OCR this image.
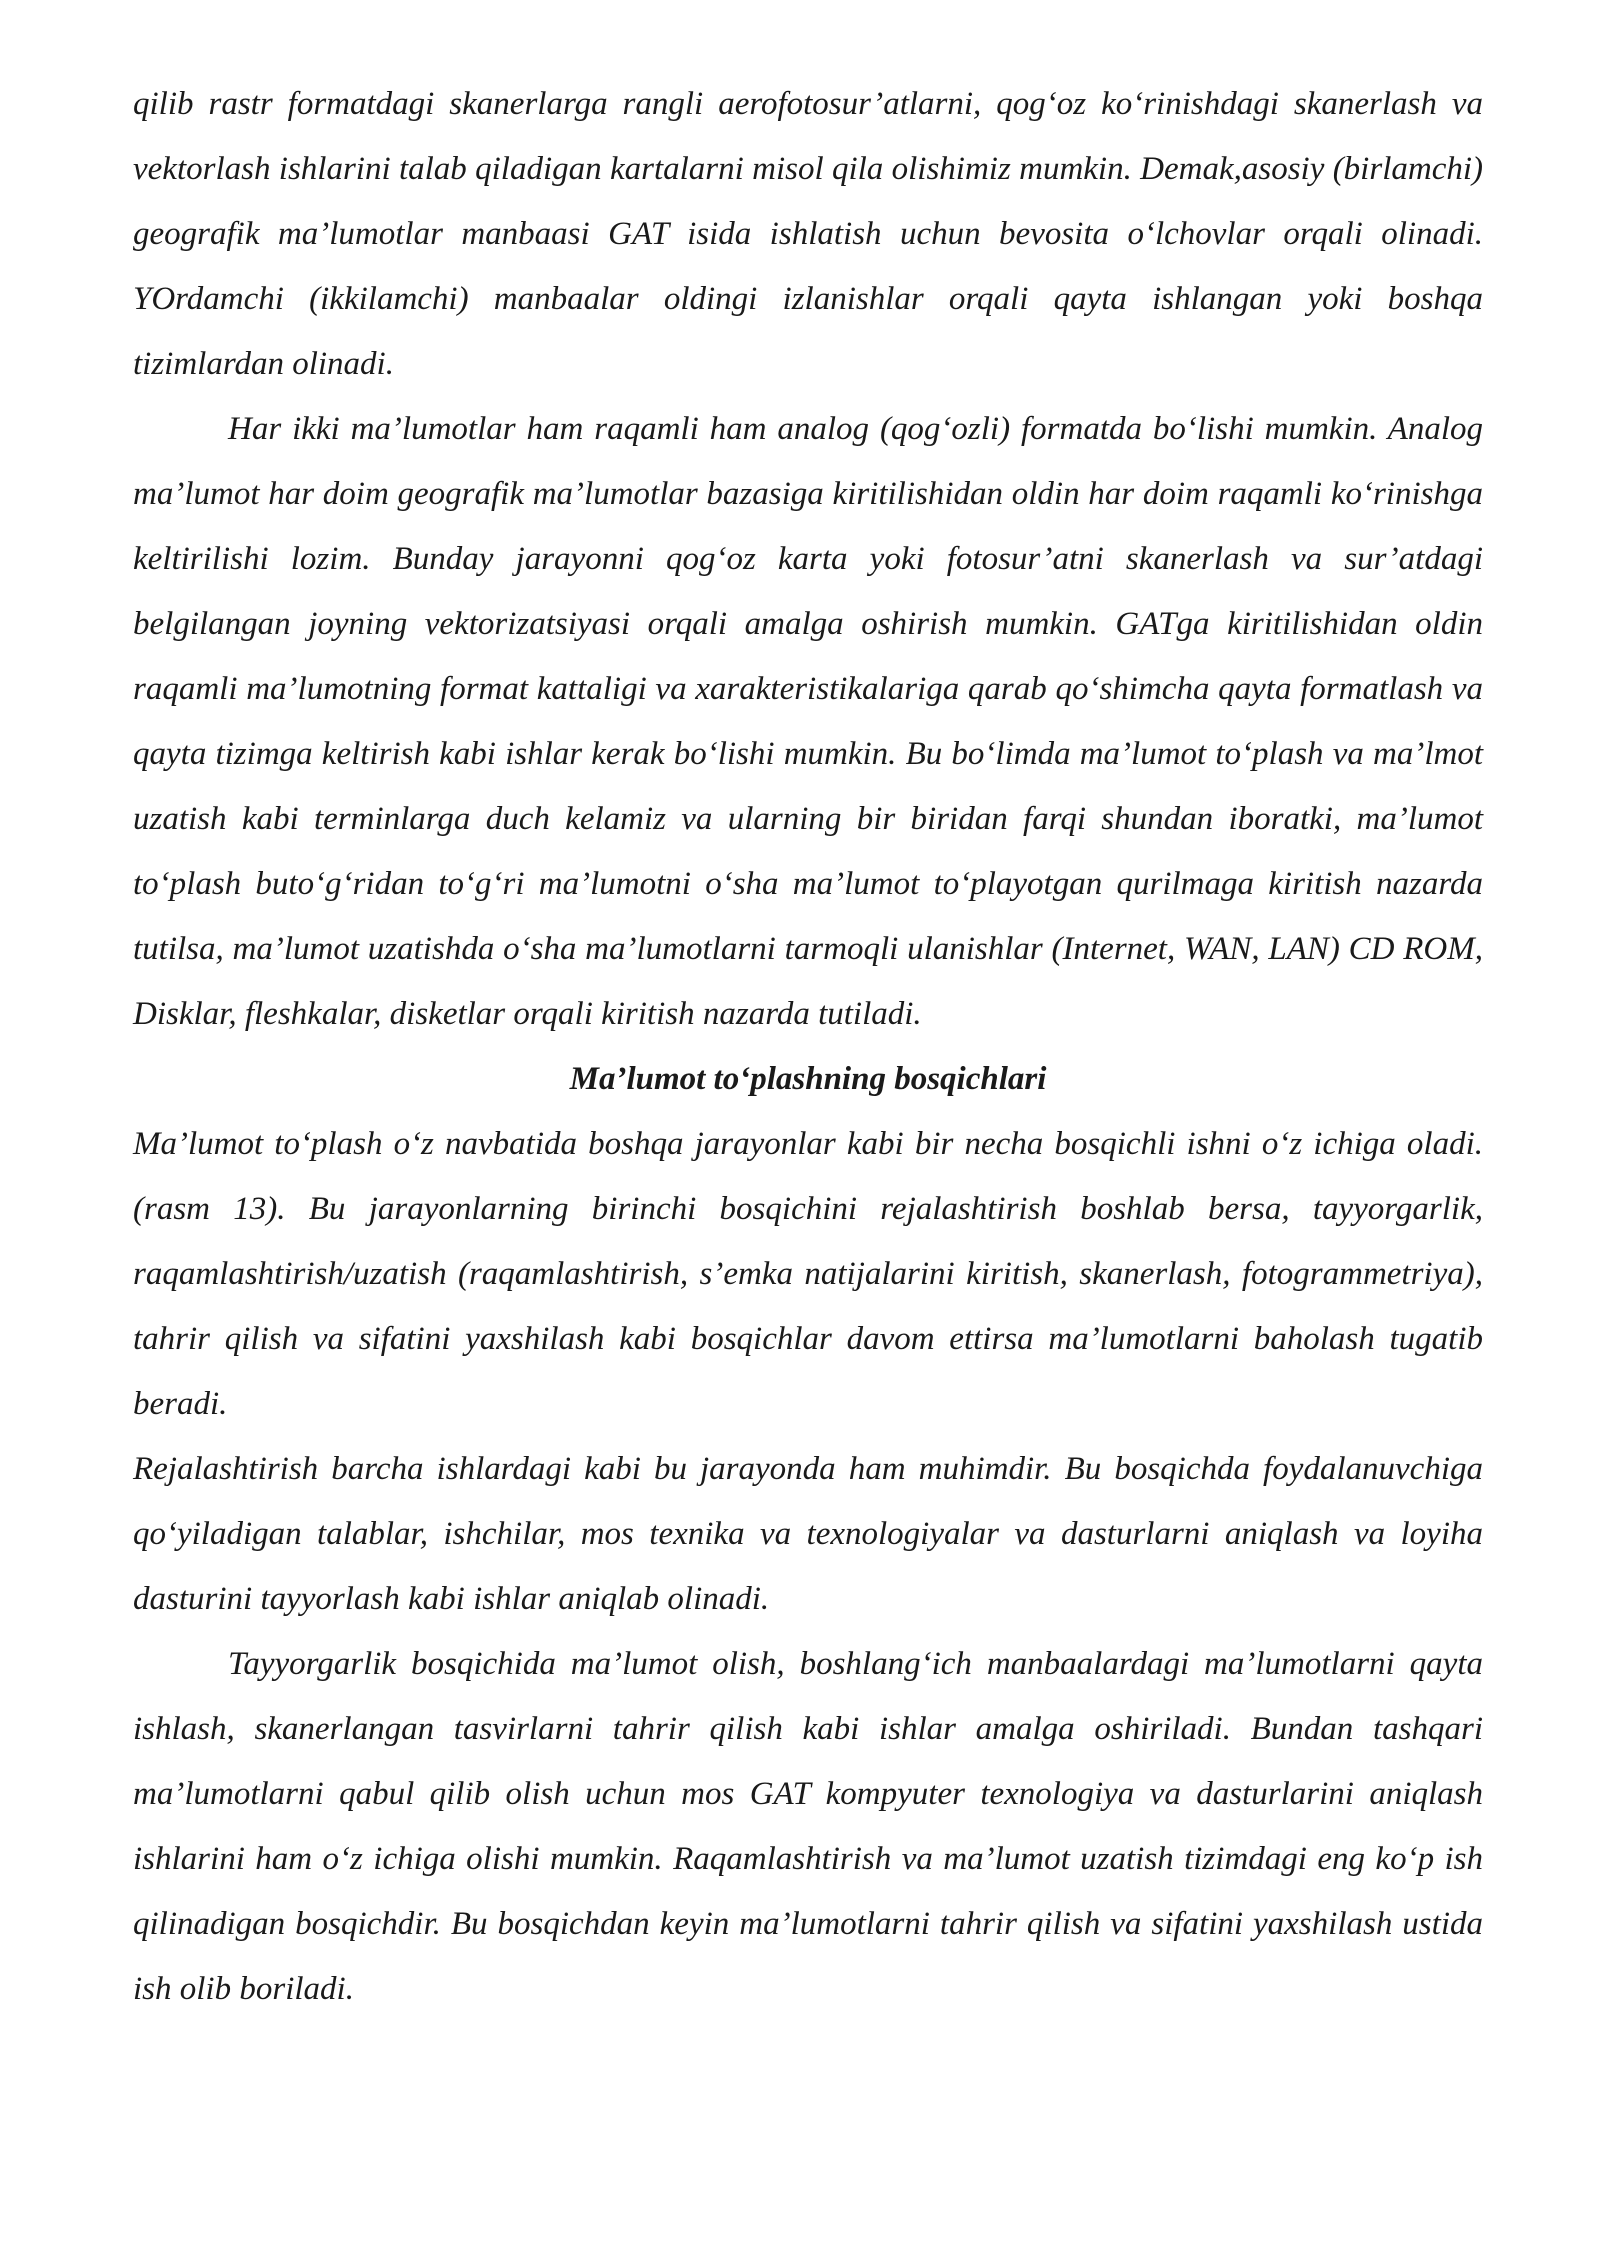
qilib rastr formatdagi skanerlarga rangli aerofotosur’atlarni, qog‘oz ko‘rinishdagi skanerlash va vektorlash ishlarini talab qiladigan kartalarni misol qila olishimiz mumkin. Demak,asosiy (birlamchi) geografik ma’lumotlar manbaasi GAT isida ishlatish uchun bevosita o‘lchovlar orqali olinadi. YOrdamchi (ikkilamchi) manbaalar oldingi izlanishlar orqali qayta ishlangan yoki boshqa tizimlardan olinadi.

Har ikki ma’lumotlar ham raqamli ham analog (qog‘ozli) formatda bo‘lishi mumkin. Analog ma’lumot har doim geografik ma’lumotlar bazasiga kiritilishidan oldin har doim raqamli ko‘rinishga keltirilishi lozim. Bunday jarayonni qog‘oz karta yoki fotosur’atni skanerlash va sur’atdagi belgilangan joyning vektorizatsiyasi orqali amalga oshirish mumkin. GATga kiritilishidan oldin raqamli ma’lumotning format kattaligi va xarakteristikalariga qarab qo‘shimcha qayta formatlash va qayta tizimga keltirish kabi ishlar kerak bo‘lishi mumkin. Bu bo‘limda ma’lumot to‘plash va ma’lmot uzatish kabi terminlarga duch kelamiz va ularning bir biridan farqi shundan iboratki, ma’lumot to‘plash buto‘g‘ridan to‘g‘ri ma’lumotni o‘sha ma’lumot to‘playotgan qurilmaga kiritish nazarda tutilsa, ma’lumot uzatishda o‘sha ma’lumotlarni tarmoqli ulanishlar (Internet, WAN, LAN) CD ROM, Disklar, fleshkalar, disketlar orqali kiritish nazarda tutiladi.

Ma’lumot to‘plashning bosqichlari

Ma’lumot to‘plash o‘z navbatida boshqa jarayonlar kabi bir necha bosqichli ishni o‘z ichiga oladi. (rasm 13). Bu jarayonlarning birinchi bosqichini rejalashtirish boshlab bersa, tayyorgarlik, raqamlashtirish/uzatish (raqamlashtirish, s’emka natijalarini kiritish, skanerlash, fotogrammetriya), tahrir qilish va sifatini yaxshilash kabi bosqichlar davom ettirsa ma’lumotlarni baholash tugatib beradi.

Rejalashtirish barcha ishlardagi kabi bu jarayonda ham muhimdir. Bu bosqichda foydalanuvchiga qo‘yiladigan talablar, ishchilar, mos texnika va texnologiyalar va dasturlarni aniqlash va loyiha dasturini tayyorlash kabi ishlar aniqlab olinadi.

Tayyorgarlik bosqichida ma’lumot olish, boshlang‘ich manbaalardagi ma’lumotlarni qayta ishlash, skanerlangan tasvirlarni tahrir qilish kabi ishlar amalga oshiriladi. Bundan tashqari ma’lumotlarni qabul qilib olish uchun mos GAT kompyuter texnologiya va dasturlarini aniqlash ishlarini ham o‘z ichiga olishi mumkin. Raqamlashtirish va ma’lumot uzatish tizimdagi eng ko‘p ish qilinadigan bosqichdir. Bu bosqichdan keyin ma’lumotlarni tahrir qilish va sifatini yaxshilash ustida ish olib boriladi.
